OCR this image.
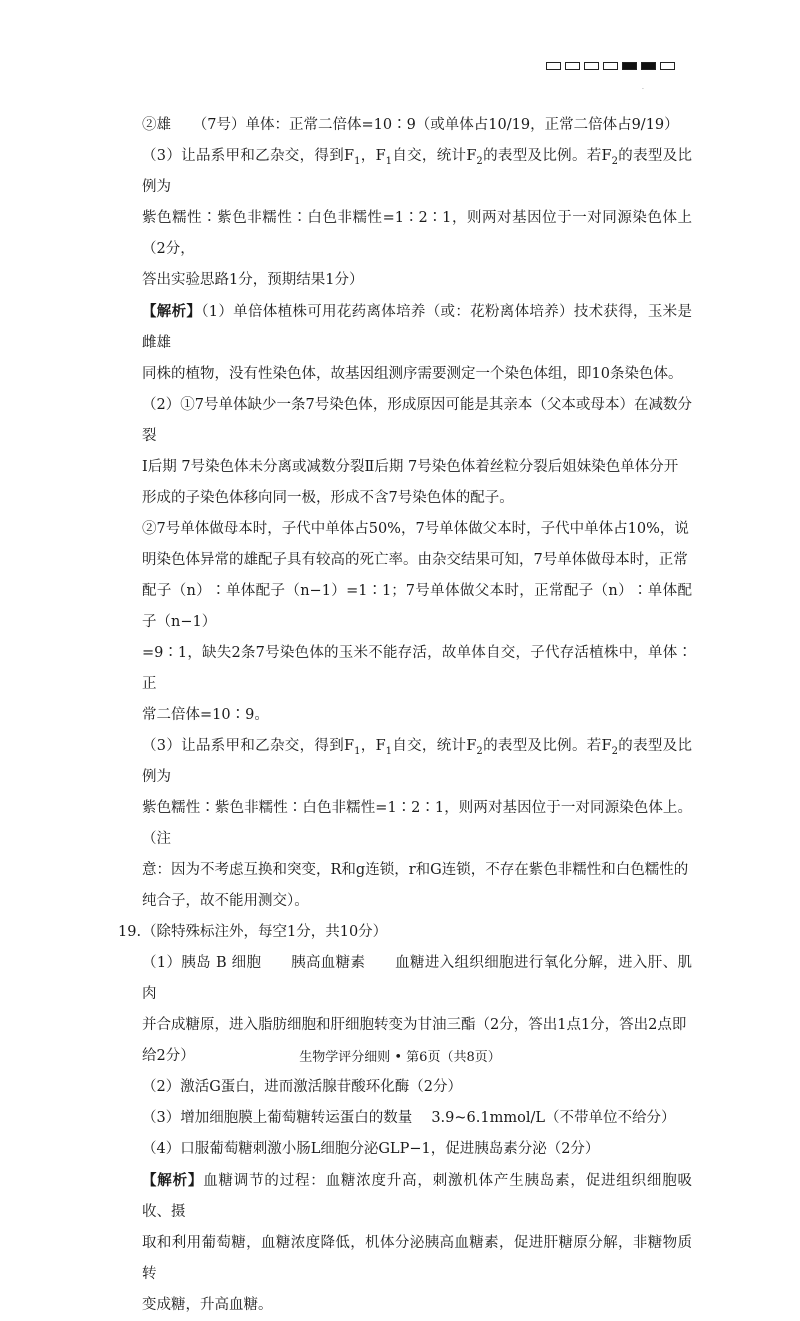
.

②雄　　（7号）单体：正常二倍体=10∶9（或单体占10/19，正常二倍体占9/19）

（3）让品系甲和乙杂交，得到$F_1$，$F_1$自交，统计$F_2$的表型及比例。若$F_2$的表型及比例为

紫色糯性∶紫色非糯性∶白色非糯性=1∶2∶1，则两对基因位于一对同源染色体上（2分，

答出实验思路1分，预期结果1分）

【解析】（1）单倍体植株可用花药离体培养（或：花粉离体培养）技术获得，玉米是雌雄

同株的植物，没有性染色体，故基因组测序需要测定一个染色体组，即10条染色体。

（2）①7号单体缺少一条7号染色体，形成原因可能是其亲本（父本或母本）在减数分裂

Ⅰ后期 7号染色体未分离或减数分裂Ⅱ后期 7号染色体着丝粒分裂后姐妹染色单体分开

形成的子染色体移向同一极，形成不含7号染色体的配子。

②7号单体做母本时，子代中单体占50%，7号单体做父本时，子代中单体占10%，说

明染色体异常的雄配子具有较高的死亡率。由杂交结果可知，7号单体做母本时，正常

配子（n）∶单体配子（n−1）=1∶1；7号单体做父本时，正常配子（n）∶单体配子（n−1）

=9∶1，缺失2条7号染色体的玉米不能存活，故单体自交，子代存活植株中，单体∶正

常二倍体=10∶9。

（3）让品系甲和乙杂交，得到$F_1$，$F_1$自交，统计$F_2$的表型及比例。若$F_2$的表型及比例为

紫色糯性∶紫色非糯性∶白色非糯性=1∶2∶1，则两对基因位于一对同源染色体上。（注

意：因为不考虑互换和突变，R和g连锁，r和G连锁，不存在紫色非糯性和白色糯性的

纯合子，故不能用测交）。

19.（除特殊标注外，每空1分，共10分）

（1）胰岛 B 细胞　　胰高血糖素　　血糖进入组织细胞进行氧化分解，进入肝、肌肉

并合成糖原，进入脂肪细胞和肝细胞转变为甘油三酯（2分，答出1点1分，答出2点即

给2分）

（2）激活G蛋白，进而激活腺苷酸环化酶（2分）

（3）增加细胞膜上葡萄糖转运蛋白的数量　 3.9~6.1mmol/L（不带单位不给分）

（4）口服葡萄糖刺激小肠L细胞分泌GLP−1，促进胰岛素分泌（2分）

【解析】血糖调节的过程：血糖浓度升高，刺激机体产生胰岛素，促进组织细胞吸收、摄

取和利用葡萄糖，血糖浓度降低，机体分泌胰高血糖素，促进肝糖原分解，非糖物质转

变成糖，升高血糖。

生物学评分细则 • 第6页（共8页）
